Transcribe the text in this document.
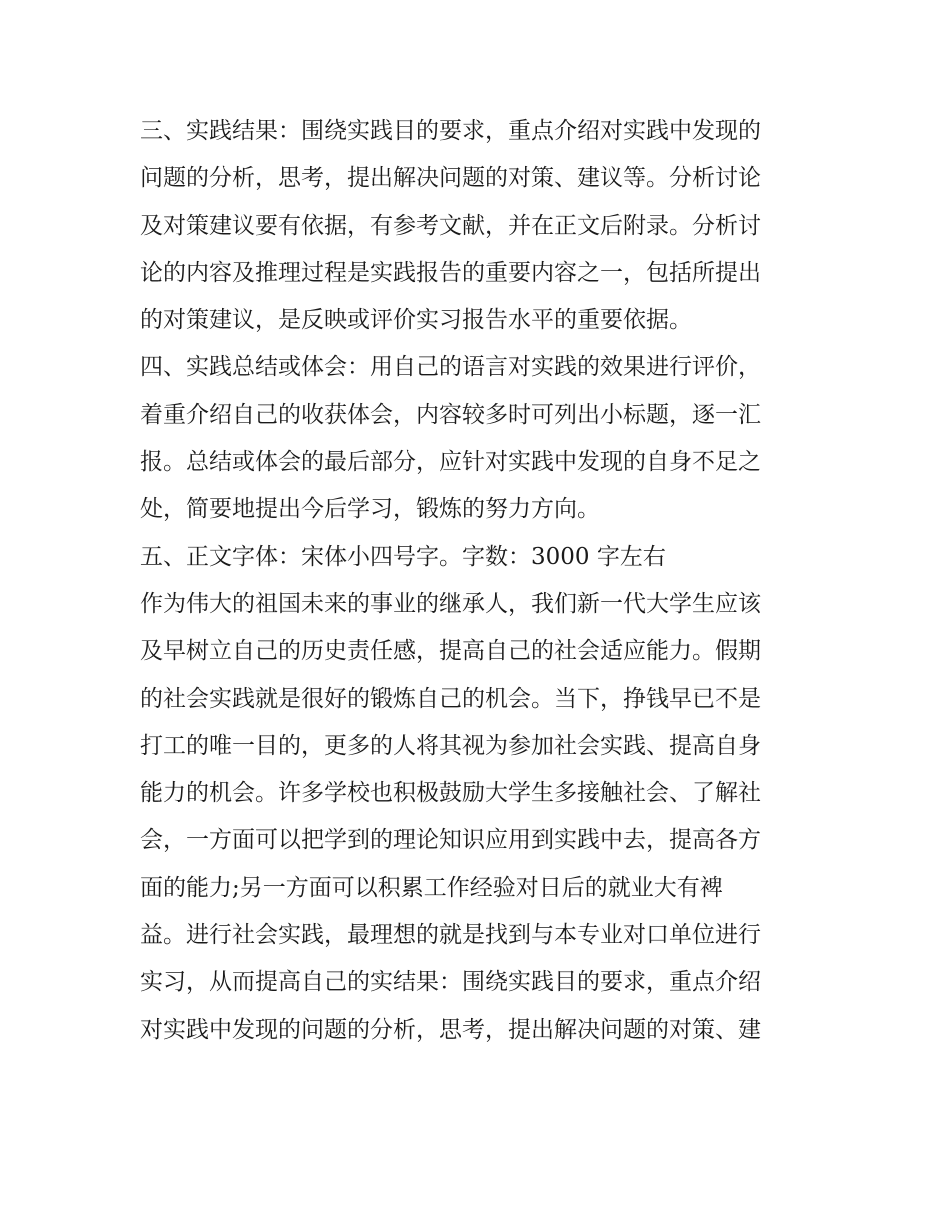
三、实践结果：围绕实践目的要求，重点介绍对实践中发现的
问题的分析，思考，提出解决问题的对策、建议等。分析讨论
及对策建议要有依据，有参考文献，并在正文后附录。分析讨
论的内容及推理过程是实践报告的重要内容之一，包括所提出
的对策建议，是反映或评价实习报告水平的重要依据。
四、实践总结或体会：用自己的语言对实践的效果进行评价，
着重介绍自己的收获体会，内容较多时可列出小标题，逐一汇
报。总结或体会的最后部分，应针对实践中发现的自身不足之
处，简要地提出今后学习，锻炼的努力方向。
五、正文字体：宋体小四号字。字数：3000 字左右
作为伟大的祖国未来的事业的继承人，我们新一代大学生应该
及早树立自己的历史责任感，提高自己的社会适应能力。假期
的社会实践就是很好的锻炼自己的机会。当下，挣钱早已不是
打工的唯一目的，更多的人将其视为参加社会实践、提高自身
能力的机会。许多学校也积极鼓励大学生多接触社会、了解社
会，一方面可以把学到的理论知识应用到实践中去，提高各方
面的能力;另一方面可以积累工作经验对日后的就业大有裨
益。进行社会实践，最理想的就是找到与本专业对口单位进行
实习，从而提高自己的实结果：围绕实践目的要求，重点介绍
对实践中发现的问题的分析，思考，提出解决问题的对策、建
